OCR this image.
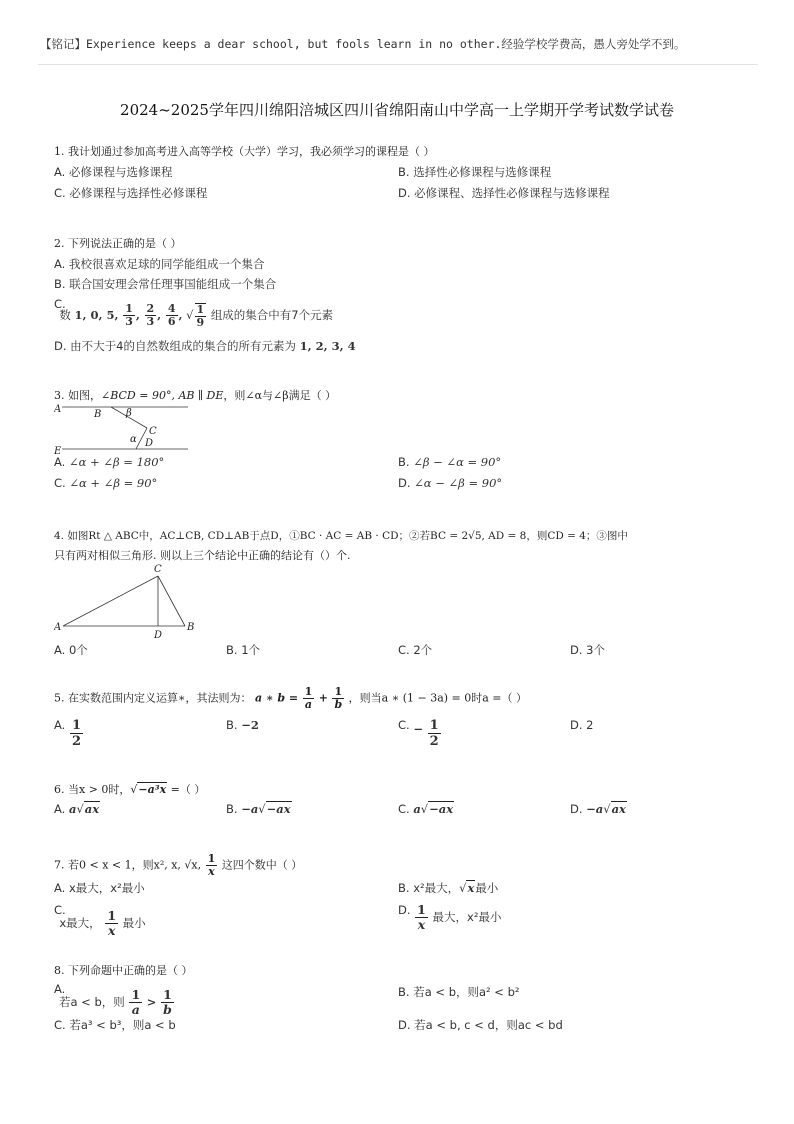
【铭记】Experience keeps a dear school, but fools learn in no other.经验学校学费高，愚人旁处学不到。
2024~2025学年四川绵阳涪城区四川省绵阳南山中学高一上学期开学考试数学试卷
1. 我计划通过参加高考进入高等学校（大学）学习，我必须学习的课程是（ ）
A. 必修课程与选修课程	B. 选择性必修课程与选修课程
C. 必修课程与选择性必修课程	D. 必修课程、选择性必修课程与选修课程
2. 下列说法正确的是（ ）
A. 我校很喜欢足球的同学能组成一个集合
B. 联合国安理会常任理事国能组成一个集合
C. 数 1, 0, 5, $\frac{1}{3}$ , $\frac{2}{3}$ , $\frac{4}{6}$ , √ $\frac{1}{9}$ 组成的集合中有7个元素
D. 由不大于4的自然数组成的集合的所有元素为 1, 2, 3, 4
3. 如图，∠BCD = 90°, AB ∥ DE，则∠α与∠β满足（ ）
A	B β
C
α D
E
A. ∠α + ∠β = 180°	B. ∠β − ∠α = 90°
C. ∠α + ∠β = 90°	D. ∠α − ∠β = 90°
4. 如图Rt △ ABC中，AC⊥CB, CD⊥AB于点D，①BC · AC = AB · CD；②若BC = 2√5, AD = 8，则CD = 4；③图中
只有两对相似三角形. 则以上三个结论中正确的结论有（）个.
A
C
D
B
A. 0个	B. 1个	C. 2个	D. 3个
5. 在实数范围内定义运算∗，其法则为： a ∗ $b = \frac{1}{a} + \frac{1}{b}$ ，则当a ∗ (1 − 3a) = 0时a =（ ）
A. $\frac{1}{2}$	B. −2	C. − $\frac{1}{2}$	D. 2
6. 当x > 0时，√−a³x =（ ）
A. a√ax	B. −a√−ax	C. a√−ax	D. −a√ax
7. 若0 < x < 1，则x², x, √x, $\frac{1}{x}$ 这四个数中（ ）
A. x最大，x²最小	B. x²最大，√x最小
C. x最大， $\frac{1}{x}$ 最小
D. $\frac{1}{x}$ 最大，x²最小
8. 下列命题中正确的是（ ）
A. 若a < b，则 $\frac{1}{a} > \frac{1}{b}$	B. 若a < b，则a² < b²
C. 若a³ < b³，则a < b	D. 若a < b, c < d，则ac < bd
